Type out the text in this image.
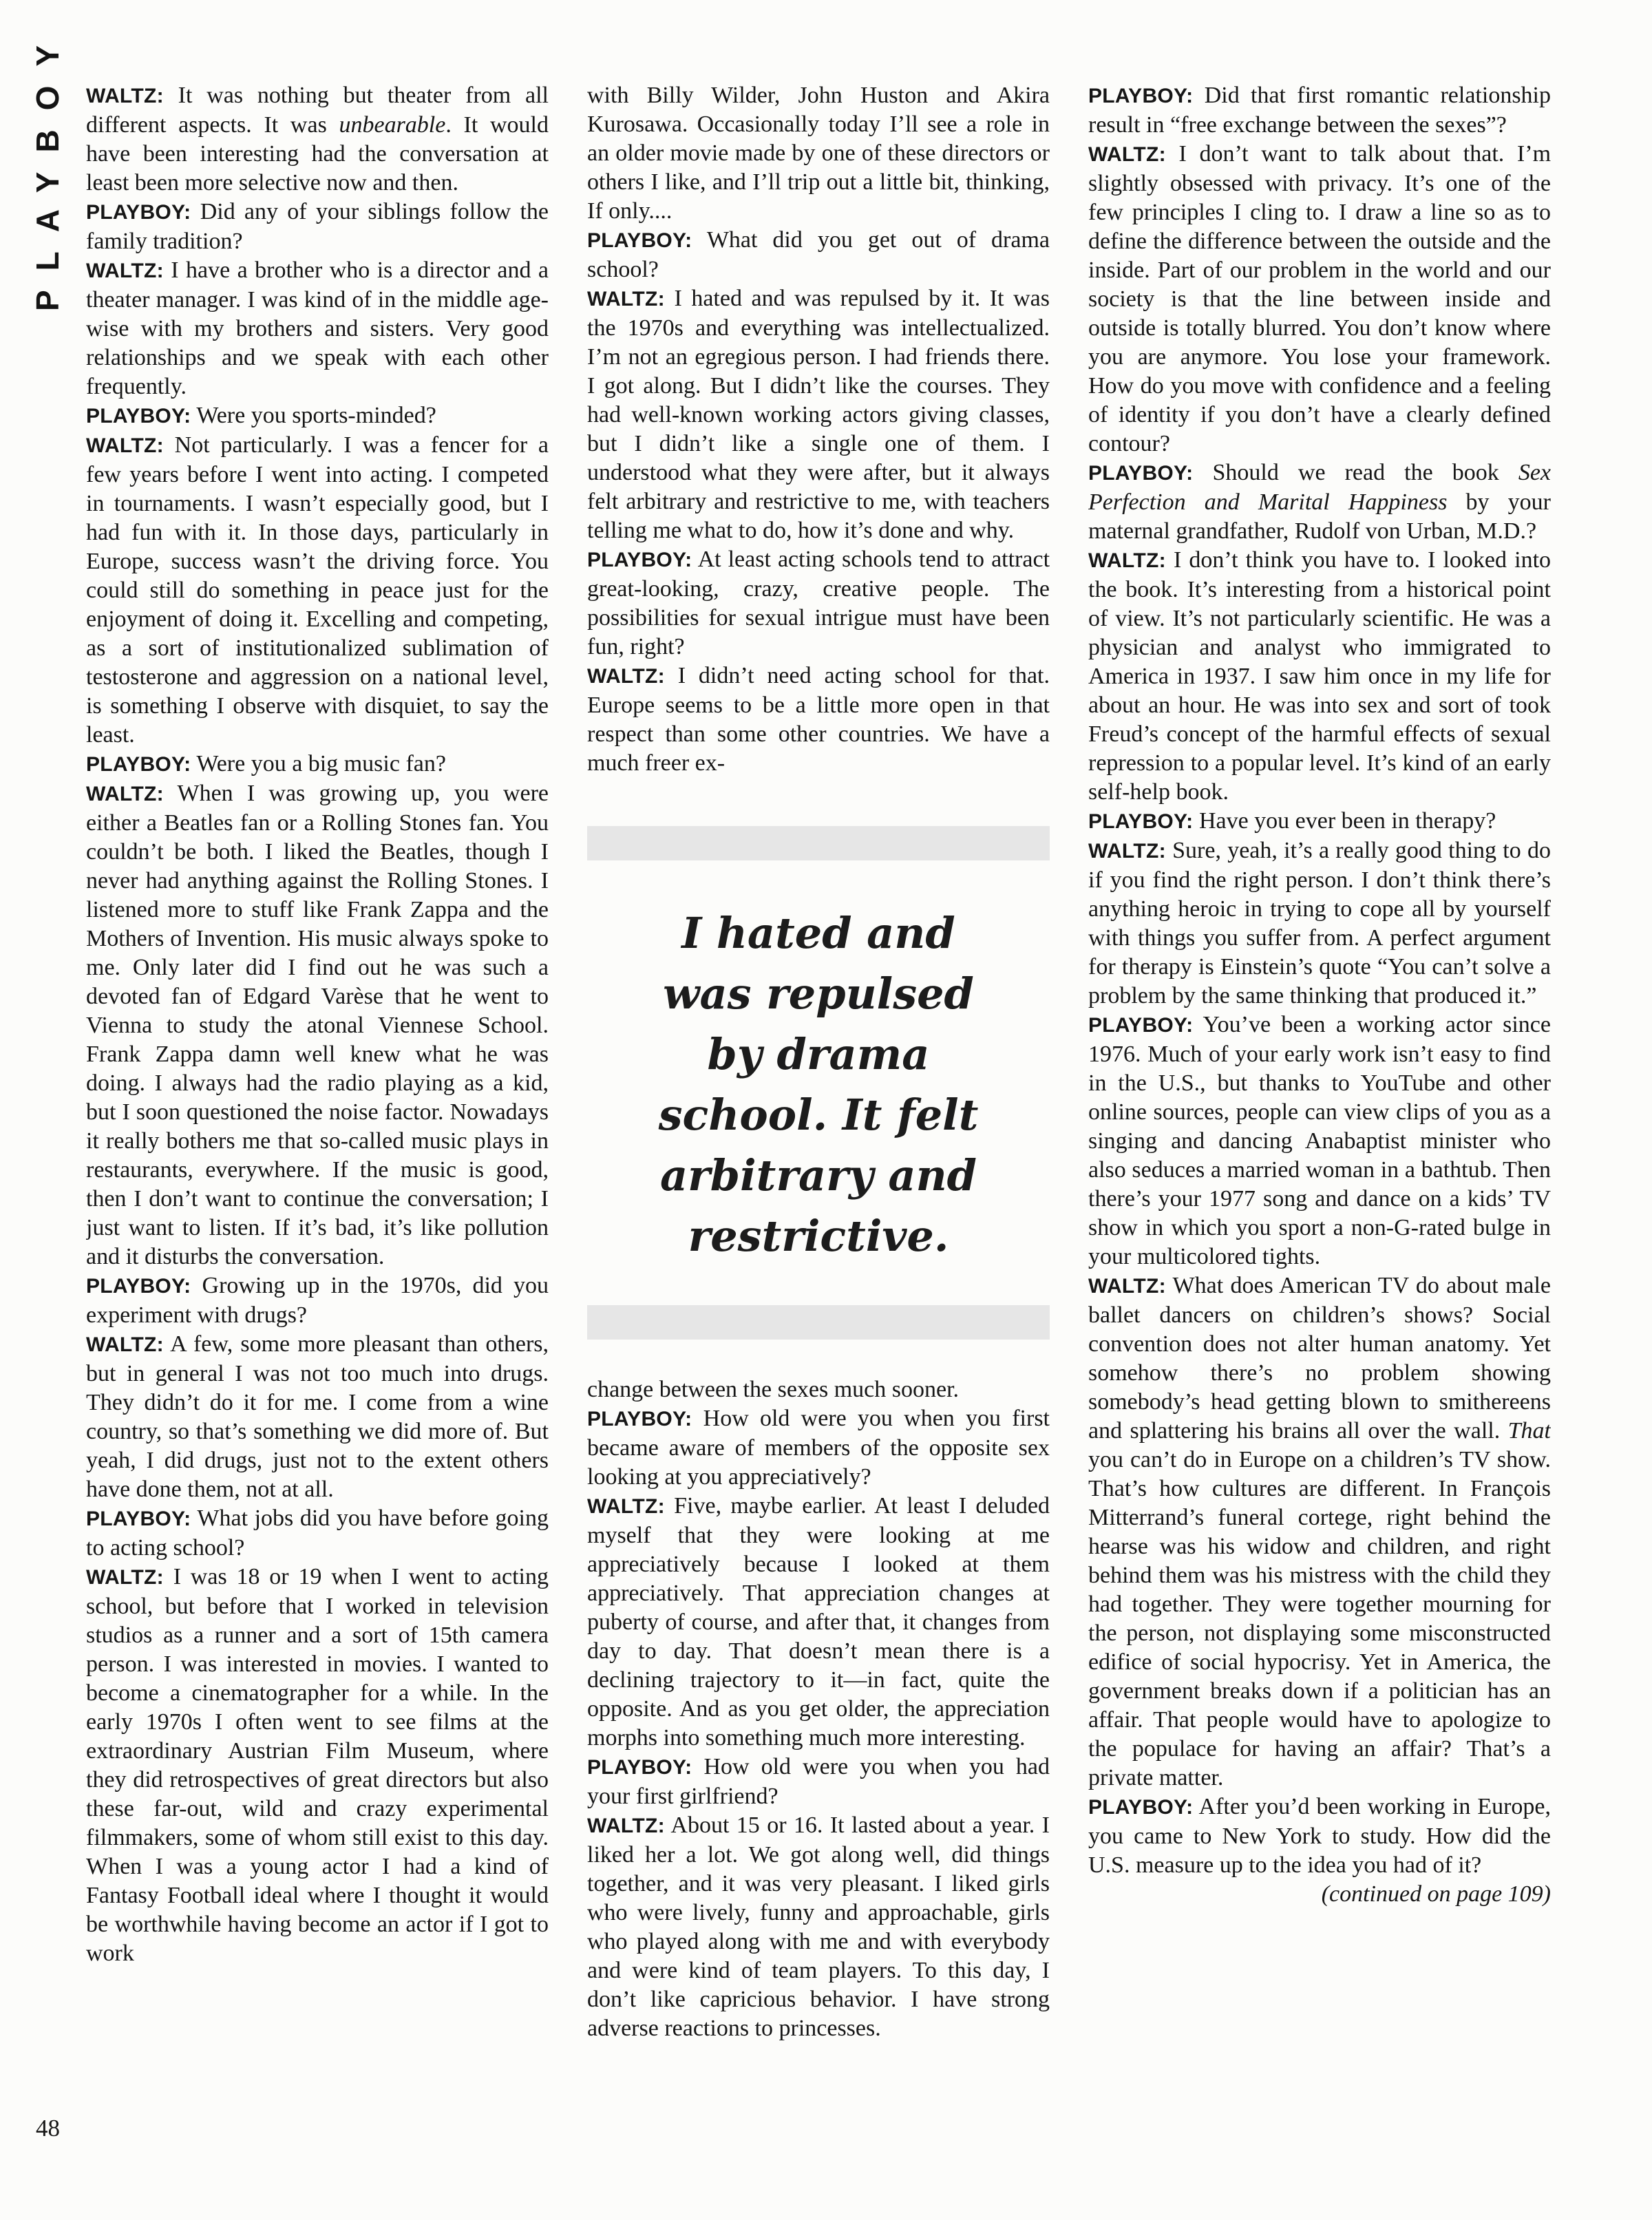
PLAYBOY WALTZ: It was nothing but theater from all different aspects. It was unbearable. It would have been interesting had the conversation at least been more selective now and then.

PLAYBOY: Did any of your siblings follow the family tradition?

WALTZ: I have a brother who is a director and a theater manager. I was kind of in the middle age-wise with my brothers and sisters. Very good relationships and we speak with each other frequently.

PLAYBOY: Were you sports-minded?

WALTZ: Not particularly. I was a fencer for a few years before I went into acting. I competed in tournaments. I wasn’t especially good, but I had fun with it. In those days, particularly in Europe, success wasn’t the driving force. You could still do something in peace just for the enjoyment of doing it. Excelling and competing, as a sort of institutionalized sublimation of testosterone and aggression on a national level, is something I observe with disquiet, to say the least.

PLAYBOY: Were you a big music fan?

WALTZ: When I was growing up, you were either a Beatles fan or a Rolling Stones fan. You couldn’t be both. I liked the Beatles, though I never had anything against the Rolling Stones. I listened more to stuff like Frank Zappa and the Mothers of Invention. His music always spoke to me. Only later did I find out he was such a devoted fan of Edgard Varèse that he went to Vienna to study the atonal Viennese School. Frank Zappa damn well knew what he was doing. I always had the radio playing as a kid, but I soon questioned the noise factor. Nowadays it really bothers me that so-called music plays in restaurants, everywhere. If the music is good, then I don’t want to continue the conversation; I just want to listen. If it’s bad, it’s like pollution and it disturbs the conversation.

PLAYBOY: Growing up in the 1970s, did you experiment with drugs?

WALTZ: A few, some more pleasant than others, but in general I was not too much into drugs. They didn’t do it for me. I come from a wine country, so that’s something we did more of. But yeah, I did drugs, just not to the extent others have done them, not at all.

PLAYBOY: What jobs did you have before going to acting school?

WALTZ: I was 18 or 19 when I went to acting school, but before that I worked in television studios as a runner and a sort of 15th camera person. I was interested in movies. I wanted to become a cinematographer for a while. In the early 1970s I often went to see films at the extraordinary Austrian Film Museum, where they did retrospectives of great directors but also these far-out, wild and crazy experimental filmmakers, some of whom still exist to this day. When I was a young actor I had a kind of Fantasy Football ideal where I thought it would be worthwhile having become an actor if I got to work

with Billy Wilder, John Huston and Akira Kurosawa. Occasionally today I’ll see a role in an older movie made by one of these directors or others I like, and I’ll trip out a little bit, thinking, If only....

PLAYBOY: What did you get out of drama school?

WALTZ: I hated and was repulsed by it. It was the 1970s and everything was intellectualized. I’m not an egregious person. I had friends there. I got along. But I didn’t like the courses. They had well-known working actors giving classes, but I didn’t like a single one of them. I understood what they were after, but it always felt arbitrary and restrictive to me, with teachers telling me what to do, how it’s done and why.

PLAYBOY: At least acting schools tend to attract great-looking, crazy, creative people. The possibilities for sexual intrigue must have been fun, right?

WALTZ: I didn’t need acting school for that. Europe seems to be a little more open in that respect than some other countries. We have a much freer ex-

I hated and
was repulsed
by drama
school. It felt
arbitrary and
restrictive.

change between the sexes much sooner.

PLAYBOY: How old were you when you first became aware of members of the opposite sex looking at you appreciatively?

WALTZ: Five, maybe earlier. At least I deluded myself that they were looking at me appreciatively because I looked at them appreciatively. That appreciation changes at puberty of course, and after that, it changes from day to day. That doesn’t mean there is a declining trajectory to it—in fact, quite the opposite. And as you get older, the appreciation morphs into something much more interesting.

PLAYBOY: How old were you when you had your first girlfriend?

WALTZ: About 15 or 16. It lasted about a year. I liked her a lot. We got along well, did things together, and it was very pleasant. I liked girls who were lively, funny and approachable, girls who played along with me and with everybody and were kind of team players. To this day, I don’t like capricious behavior. I have strong adverse reactions to princesses.

PLAYBOY: Did that first romantic relationship result in “free exchange between the sexes”?

WALTZ: I don’t want to talk about that. I’m slightly obsessed with privacy. It’s one of the few principles I cling to. I draw a line so as to define the difference between the outside and the inside. Part of our problem in the world and our society is that the line between inside and outside is totally blurred. You don’t know where you are anymore. You lose your framework. How do you move with confidence and a feeling of identity if you don’t have a clearly defined contour?

PLAYBOY: Should we read the book Sex Perfection and Marital Happiness by your maternal grandfather, Rudolf von Urban, M.D.?

WALTZ: I don’t think you have to. I looked into the book. It’s interesting from a historical point of view. It’s not particularly scientific. He was a physician and analyst who immigrated to America in 1937. I saw him once in my life for about an hour. He was into sex and sort of took Freud’s concept of the harmful effects of sexual repression to a popular level. It’s kind of an early self-help book.

PLAYBOY: Have you ever been in therapy?

WALTZ: Sure, yeah, it’s a really good thing to do if you find the right person. I don’t think there’s anything heroic in trying to cope all by yourself with things you suffer from. A perfect argument for therapy is Einstein’s quote “You can’t solve a problem by the same thinking that produced it.”

PLAYBOY: You’ve been a working actor since 1976. Much of your early work isn’t easy to find in the U.S., but thanks to YouTube and other online sources, people can view clips of you as a singing and dancing Anabaptist minister who also seduces a married woman in a bathtub. Then there’s your 1977 song and dance on a kids’ TV show in which you sport a non-G-rated bulge in your multicolored tights.

WALTZ: What does American TV do about male ballet dancers on children’s shows? Social convention does not alter human anatomy. Yet somehow there’s no problem showing somebody’s head getting blown to smithereens and splattering his brains all over the wall. That you can’t do in Europe on a children’s TV show. That’s how cultures are different. In François Mitterrand’s funeral cortege, right behind the hearse was his widow and children, and right behind them was his mistress with the child they had together. They were together mourning for the person, not displaying some misconstructed edifice of social hypocrisy. Yet in America, the government breaks down if a politician has an affair. That people would have to apologize to the populace for having an affair? That’s a private matter.

PLAYBOY: After you’d been working in Europe, you came to New York to study. How did the U.S. measure up to the idea you had of it?
(continued on page 109)

48
